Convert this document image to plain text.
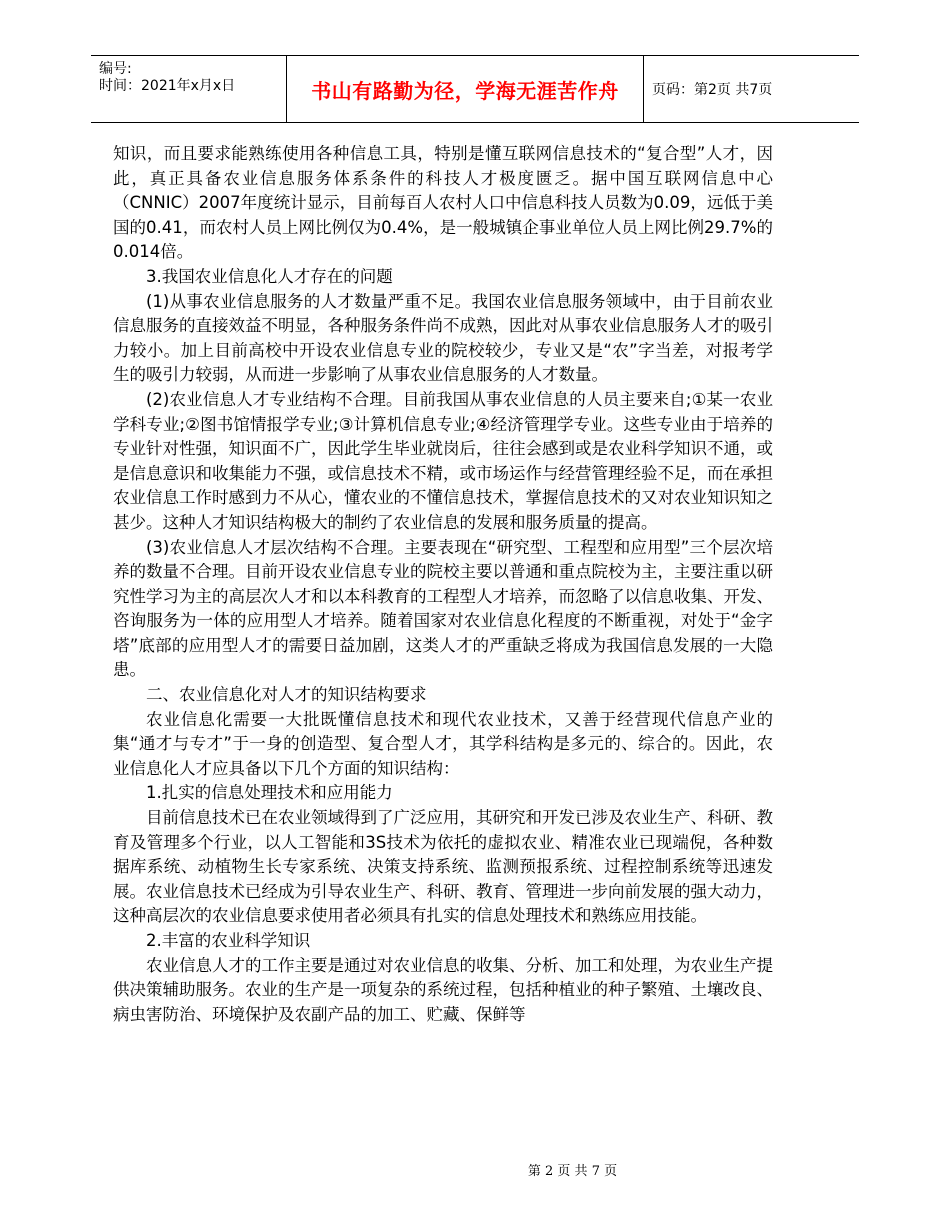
编号:
时间：2021年x月x日	书山有路勤为径，学海无涯苦作舟	页码：第2页 共7页

知识，而且要求能熟练使用各种信息工具，特别是懂互联网信息技术的“复合型”人才，因此，真正具备农业信息服务体系条件的科技人才极度匮乏。据中国互联网信息中心（CNNIC）2007年度统计显示，目前每百人农村人口中信息科技人员数为0.09，远低于美国的0.41，而农村人员上网比例仅为0.4%，是一般城镇企事业单位人员上网比例29.7%的0.014倍。

3.我国农业信息化人才存在的问题

(1)从事农业信息服务的人才数量严重不足。我国农业信息服务领域中，由于目前农业信息服务的直接效益不明显，各种服务条件尚不成熟，因此对从事农业信息服务人才的吸引力较小。加上目前高校中开设农业信息专业的院校较少，专业又是“农”字当差，对报考学生的吸引力较弱，从而进一步影响了从事农业信息服务的人才数量。

(2)农业信息人才专业结构不合理。目前我国从事农业信息的人员主要来自;①某一农业学科专业;②图书馆情报学专业;③计算机信息专业;④经济管理学专业。这些专业由于培养的专业针对性强，知识面不广，因此学生毕业就岗后，往往会感到或是农业科学知识不通，或是信息意识和收集能力不强，或信息技术不精，或市场运作与经营管理经验不足，而在承担农业信息工作时感到力不从心，懂农业的不懂信息技术，掌握信息技术的又对农业知识知之甚少。这种人才知识结构极大的制约了农业信息的发展和服务质量的提高。

(3)农业信息人才层次结构不合理。主要表现在“研究型、工程型和应用型”三个层次培养的数量不合理。目前开设农业信息专业的院校主要以普通和重点院校为主，主要注重以研究性学习为主的高层次人才和以本科教育的工程型人才培养，而忽略了以信息收集、开发、咨询服务为一体的应用型人才培养。随着国家对农业信息化程度的不断重视，对处于“金字塔”底部的应用型人才的需要日益加剧，这类人才的严重缺乏将成为我国信息发展的一大隐患。

二、农业信息化对人才的知识结构要求

农业信息化需要一大批既懂信息技术和现代农业技术，又善于经营现代信息产业的集“通才与专才”于一身的创造型、复合型人才，其学科结构是多元的、综合的。因此，农业信息化人才应具备以下几个方面的知识结构：

1.扎实的信息处理技术和应用能力

目前信息技术已在农业领域得到了广泛应用，其研究和开发已涉及农业生产、科研、教育及管理多个行业，以人工智能和3S技术为依托的虚拟农业、精准农业已现端倪，各种数据库系统、动植物生长专家系统、决策支持系统、监测预报系统、过程控制系统等迅速发展。农业信息技术已经成为引导农业生产、科研、教育、管理进一步向前发展的强大动力，这种高层次的农业信息要求使用者必须具有扎实的信息处理技术和熟练应用技能。

2.丰富的农业科学知识

农业信息人才的工作主要是通过对农业信息的收集、分析、加工和处理，为农业生产提供决策辅助服务。农业的生产是一项复杂的系统过程，包括种植业的种子繁殖、土壤改良、病虫害防治、环境保护及农副产品的加工、贮藏、保鲜等

第 2 页 共 7 页
